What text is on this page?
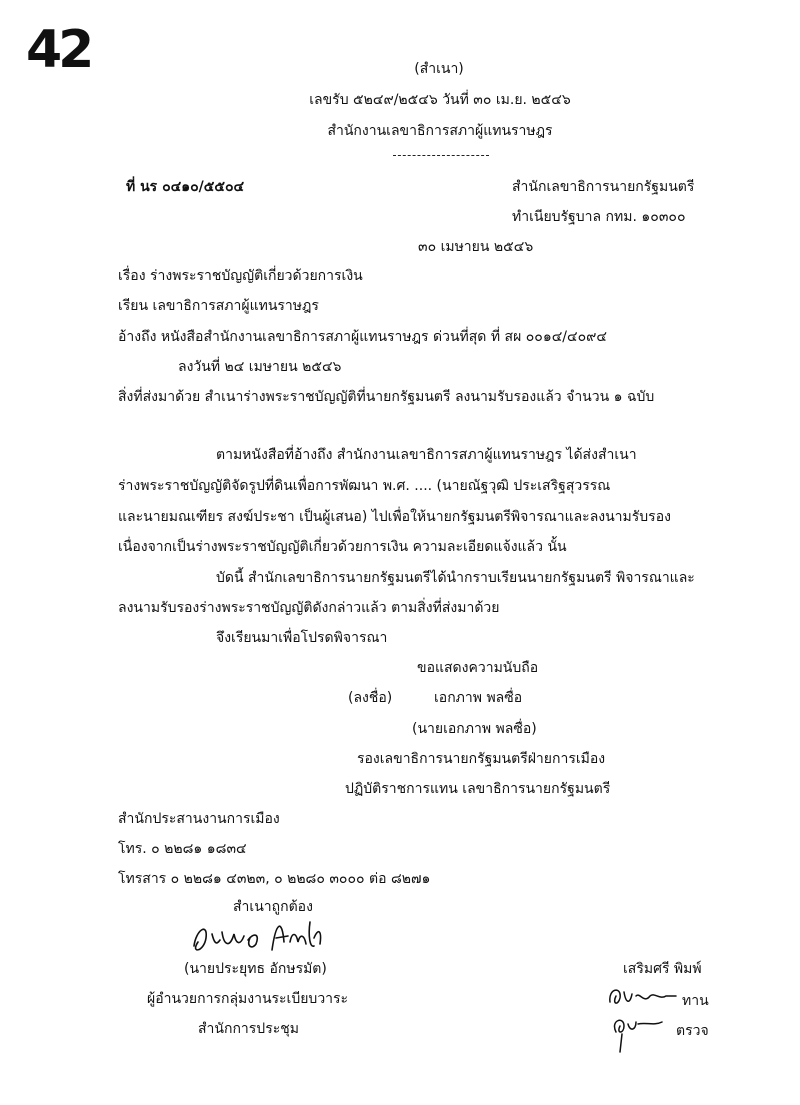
42	(สำเนา)
เลขรับ ๕๒๔๙/๒๕๔๖ วันที่ ๓๐ เม.ย. ๒๕๔๖
สำนักงานเลขาธิการสภาผู้แทนราษฎร
ที่ นร ๐๔๑๐/๕๕๐๔	สำนักเลขาธิการนายกรัฐมนตรี
ทำเนียบรัฐบาล กทม. ๑๐๓๐๐
๓๐ เมษายน ๒๕๔๖
เรื่อง ร่างพระราชบัญญัติเกี่ยวด้วยการเงิน
เรียน เลขาธิการสภาผู้แทนราษฎร
อ้างถึง หนังสือสำนักงานเลขาธิการสภาผู้แทนราษฎร ด่วนที่สุด ที่ สผ ๐๐๑๔/๔๐๙๔
ลงวันที่ ๒๔ เมษายน ๒๕๔๖
สิ่งที่ส่งมาด้วย สำเนาร่างพระราชบัญญัติที่นายกรัฐมนตรี ลงนามรับรองแล้ว จำนวน ๑ ฉบับ
ตามหนังสือที่อ้างถึง สำนักงานเลขาธิการสภาผู้แทนราษฎร ได้ส่งสำเนา
ร่างพระราชบัญญัติจัดรูปที่ดินเพื่อการพัฒนา พ.ศ. .... (นายณัฐวุฒิ ประเสริฐสุวรรณ
และนายมณเฑียร สงฆ์ประชา เป็นผู้เสนอ) ไปเพื่อให้นายกรัฐมนตรีพิจารณาและลงนามรับรอง
เนื่องจากเป็นร่างพระราชบัญญัติเกี่ยวด้วยการเงิน ความละเอียดแจ้งแล้ว นั้น
บัดนี้ สำนักเลขาธิการนายกรัฐมนตรีได้นำกราบเรียนนายกรัฐมนตรี พิจารณาและ
ลงนามรับรองร่างพระราชบัญญัติดังกล่าวแล้ว ตามสิ่งที่ส่งมาด้วย
จึงเรียนมาเพื่อโปรดพิจารณา
ขอแสดงความนับถือ
(ลงชื่อ)	เอกภาพ พลซื่อ
(นายเอกภาพ พลซื่อ)
รองเลขาธิการนายกรัฐมนตรีฝ่ายการเมือง
ปฏิบัติราชการแทน เลขาธิการนายกรัฐมนตรี
สำนักประสานงานการเมือง
โทร. ๐ ๒๒๘๑ ๑๘๓๔
โทรสาร ๐ ๒๒๘๑ ๔๓๒๓, ๐ ๒๒๘๐ ๓๐๐๐ ต่อ ๘๒๗๑
สำเนาถูกต้อง
(นายประยุทธ อักษรมัต)
ผู้อำนวยการกลุ่มงานระเบียบวาระ
สำนักการประชุม
เสริมศรี พิมพ์
ทาน
ตรวจ
